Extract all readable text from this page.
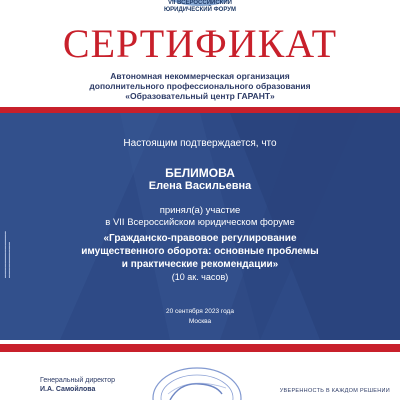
VII ВСЕРОССИЙСКИЙ
ЮРИДИЧЕСКИЙ ФОРУМ
СЕРТИФИКАТ
Автономная некоммерческая организация
дополнительного профессионального образования
«Образовательный центр ГАРАНТ»
Настоящим подтверждается, что
БЕЛИМОВА
Елена Васильевна
принял(а) участие
в VII Всероссийском юридическом форуме
«Гражданско-правовое регулирование
имущественного оборота: основные проблемы
и практические рекомендации»
(10 ак. часов)
20 сентября 2023 года
Москва
▬▬▬▬▬▬▬▬▬▬▬▬▬ ▬▬▬▬▬▬▬▬▬▬
Генеральный директор
И.А. Самойлова	УВЕРЕННОСТЬ В КАЖДОМ РЕШЕНИИ
